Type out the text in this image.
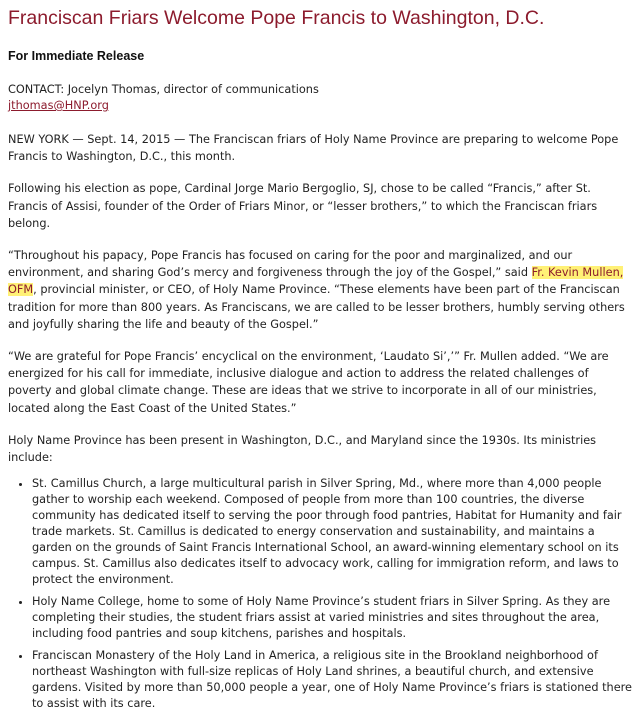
Franciscan Friars Welcome Pope Francis to Washington, D.C.
For Immediate Release
CONTACT: Jocelyn Thomas, director of communications
jthomas@HNP.org

NEW YORK — Sept. 14, 2015 — The Franciscan friars of Holy Name Province are preparing to welcome Pope Francis to Washington, D.C., this month.

Following his election as pope, Cardinal Jorge Mario Bergoglio, SJ, chose to be called “Francis,” after St. Francis of Assisi, founder of the Order of Friars Minor, or “lesser brothers,” to which the Franciscan friars belong.

“Throughout his papacy, Pope Francis has focused on caring for the poor and marginalized, and our environment, and sharing God’s mercy and forgiveness through the joy of the Gospel,” said Fr. Kevin Mullen, OFM, provincial minister, or CEO, of Holy Name Province. “These elements have been part of the Franciscan tradition for more than 800 years. As Franciscans, we are called to be lesser brothers, humbly serving others and joyfully sharing the life and beauty of the Gospel.”

“We are grateful for Pope Francis’ encyclical on the environment, ‘Laudato Si’,’” Fr. Mullen added. “We are energized for his call for immediate, inclusive dialogue and action to address the related challenges of poverty and global climate change. These are ideas that we strive to incorporate in all of our ministries, located along the East Coast of the United States.”

Holy Name Province has been present in Washington, D.C., and Maryland since the 1930s. Its ministries include:

• St. Camillus Church, a large multicultural parish in Silver Spring, Md., where more than 4,000 people gather to worship each weekend. Composed of people from more than 100 countries, the diverse community has dedicated itself to serving the poor through food pantries, Habitat for Humanity and fair trade markets. St. Camillus is dedicated to energy conservation and sustainability, and maintains a garden on the grounds of Saint Francis International School, an award-winning elementary school on its campus. St. Camillus also dedicates itself to advocacy work, calling for immigration reform, and laws to protect the environment.
• Holy Name College, home to some of Holy Name Province’s student friars in Silver Spring. As they are completing their studies, the student friars assist at varied ministries and sites throughout the area, including food pantries and soup kitchens, parishes and hospitals.
• Franciscan Monastery of the Holy Land in America, a religious site in the Brookland neighborhood of northeast Washington with full-size replicas of Holy Land shrines, a beautiful church, and extensive gardens. Visited by more than 50,000 people a year, one of Holy Name Province’s friars is stationed there to assist with its care.
